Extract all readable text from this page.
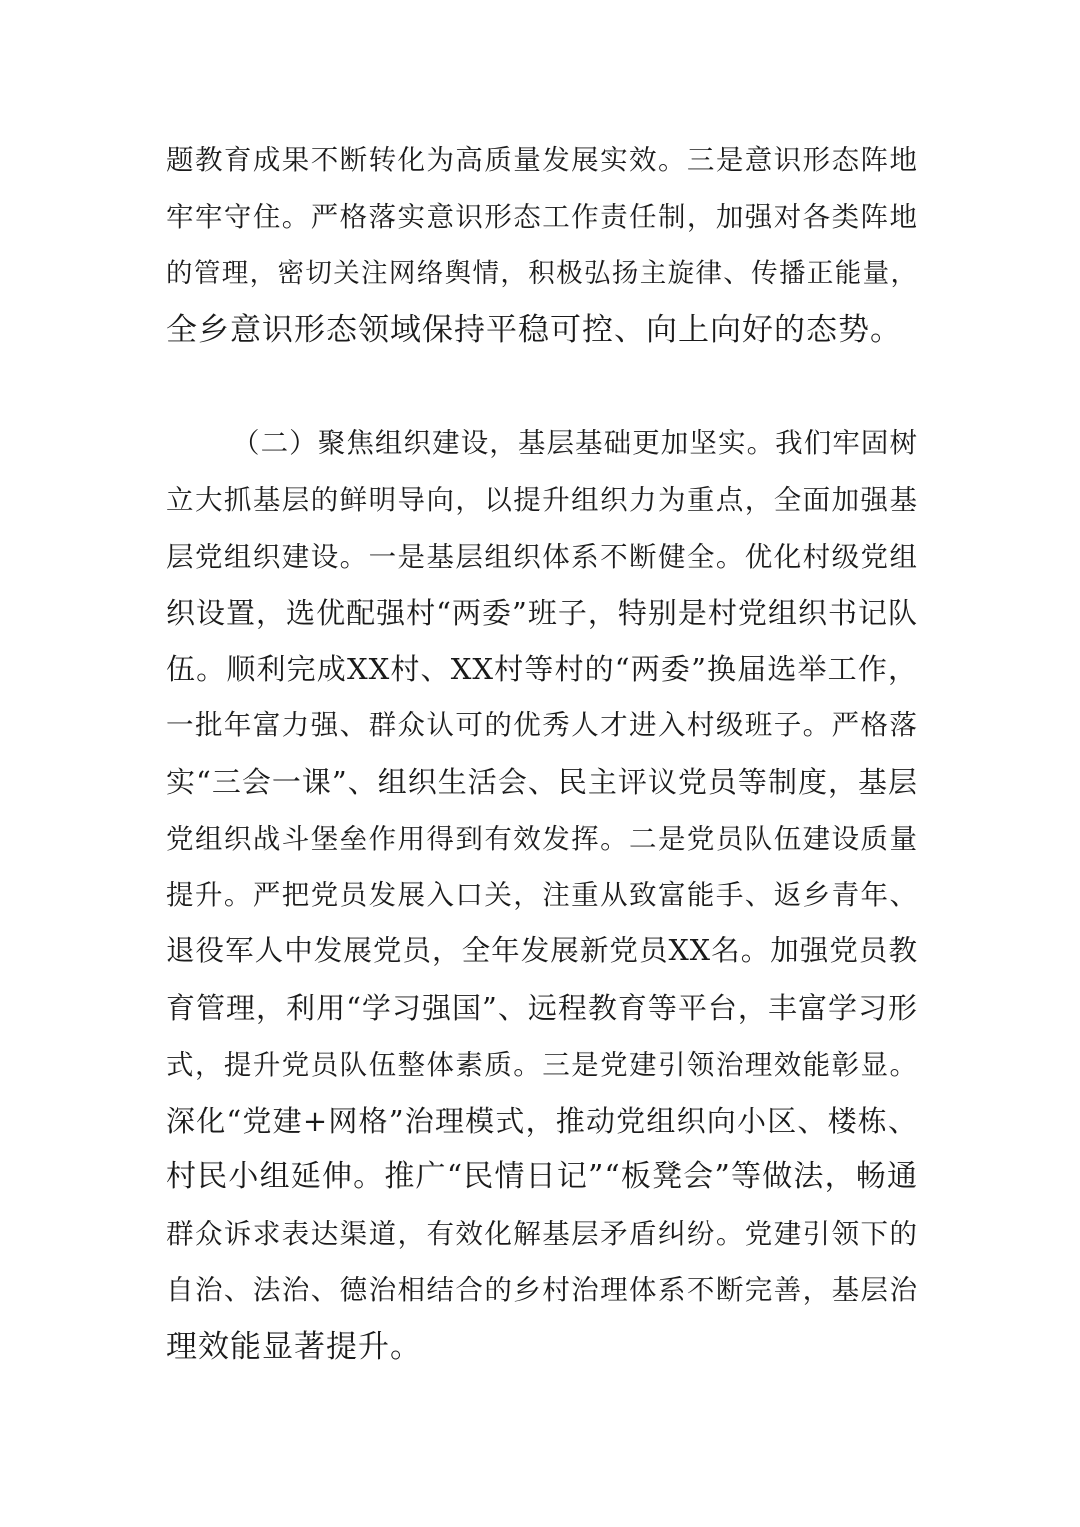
题教育成果不断转化为高质量发展实效。三是意识形态阵地
牢牢守住。严格落实意识形态工作责任制，加强对各类阵地
的管理，密切关注网络舆情，积极弘扬主旋律、传播正能量，
全乡意识形态领域保持平稳可控、向上向好的态势。
（二）聚焦组织建设，基层基础更加坚实。我们牢固树
立大抓基层的鲜明导向，以提升组织力为重点，全面加强基
层党组织建设。一是基层组织体系不断健全。优化村级党组
织设置，选优配强村“两委”班子，特别是村党组织书记队
伍。顺利完成XX村、XX村等村的“两委”换届选举工作，
一批年富力强、群众认可的优秀人才进入村级班子。严格落
实“三会一课”、组织生活会、民主评议党员等制度，基层
党组织战斗堡垒作用得到有效发挥。二是党员队伍建设质量
提升。严把党员发展入口关，注重从致富能手、返乡青年、
退役军人中发展党员，全年发展新党员XX名。加强党员教
育管理，利用“学习强国”、远程教育等平台，丰富学习形
式，提升党员队伍整体素质。三是党建引领治理效能彰显。
深化“党建+网格”治理模式，推动党组织向小区、楼栋、
村民小组延伸。推广“民情日记”“板凳会”等做法，畅通
群众诉求表达渠道，有效化解基层矛盾纠纷。党建引领下的
自治、法治、德治相结合的乡村治理体系不断完善，基层治
理效能显著提升。
